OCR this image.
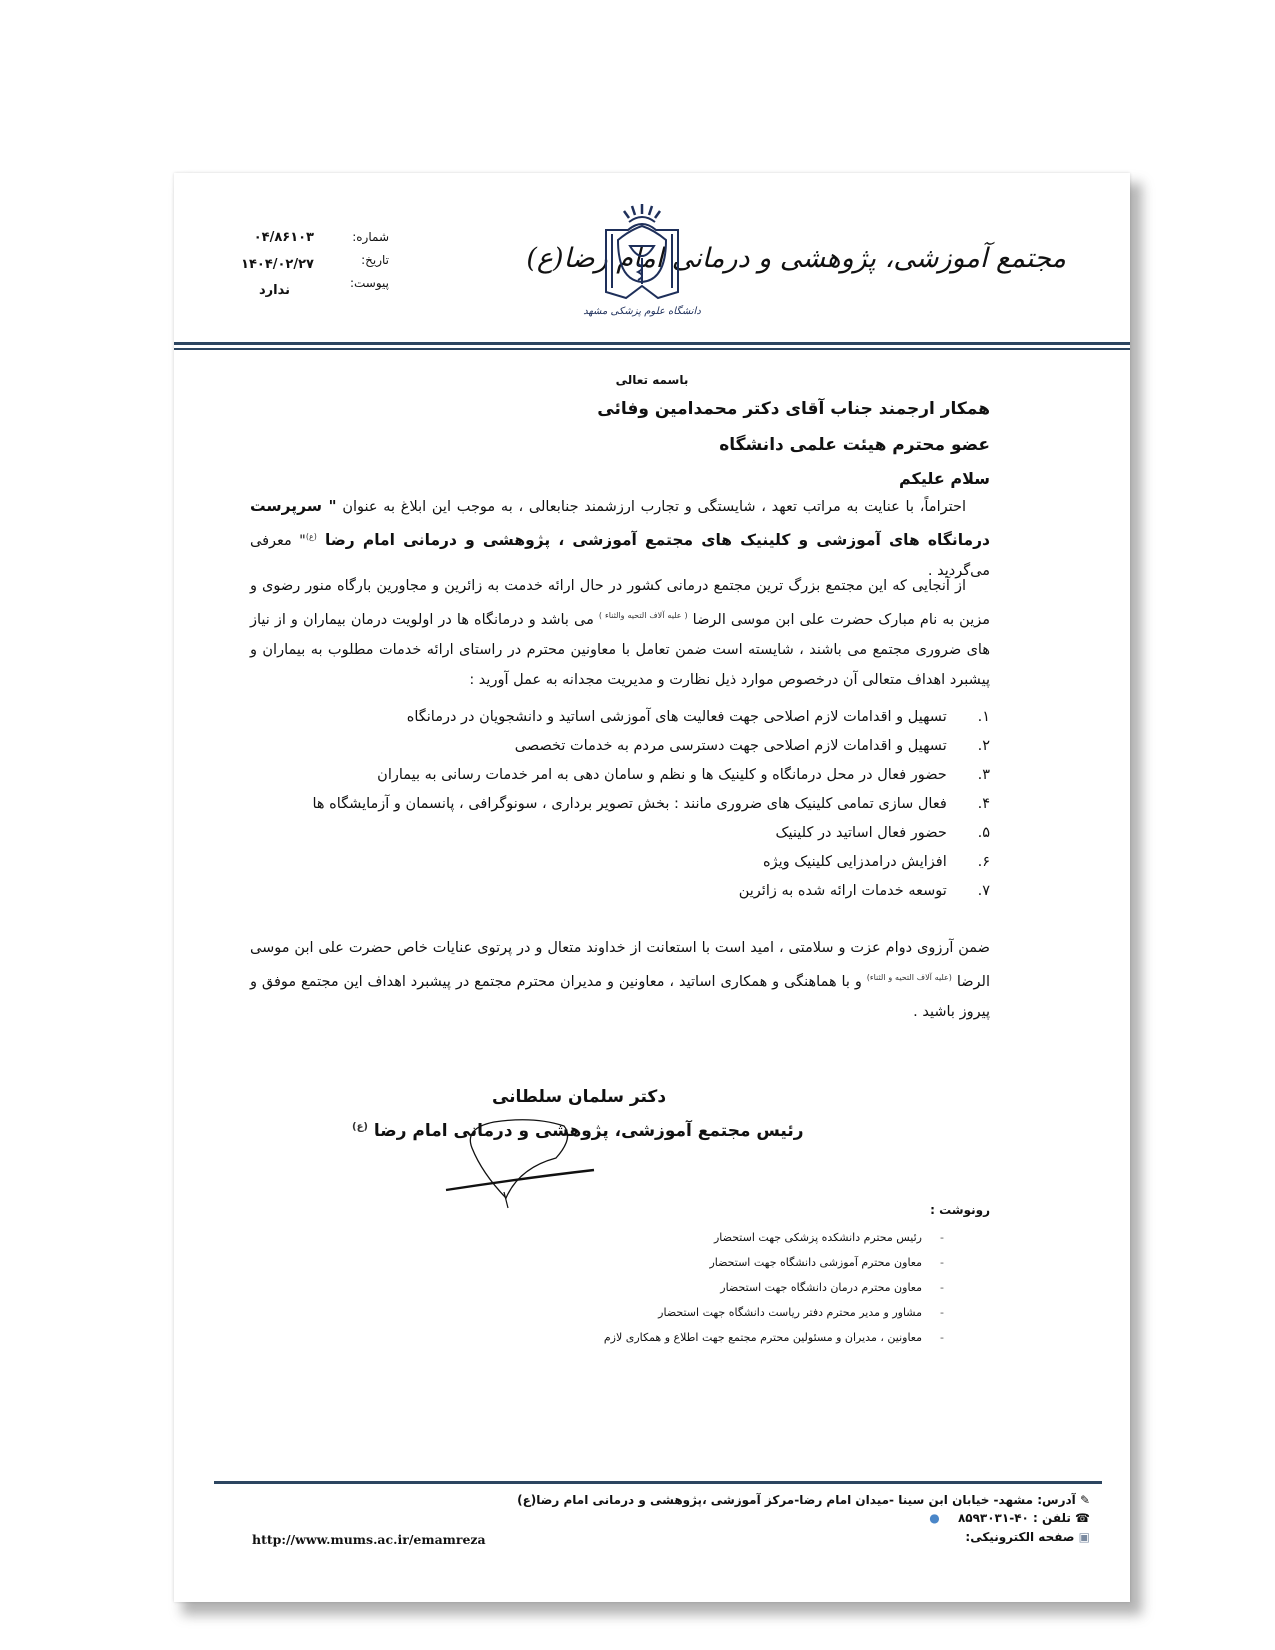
مجتمع آموزشی، پژوهشی و درمانی امام رضا(ع)
دانشگاه علوم پزشکی مشهد
شماره:
تاریخ:
پیوست:
۰۴/۸۶۱۰۳
۱۴۰۴/۰۲/۲۷
ندارد
باسمه تعالی
همکار ارجمند جناب آقای دکتر محمدامین وفائی
عضو محترم هیئت علمی دانشگاه
سلام علیکم

احتراماً، با عنایت به مراتب تعهد ، شایستگی و تجارب ارزشمند جنابعالی ، به موجب این ابلاغ به عنوان " سرپرست درمانگاه های آموزشی و کلینیک های مجتمع آموزشی ، پژوهشی و درمانی امام رضا $^{(ع)}$" معرفی می‌گردید .

از آنجایی که این مجتمع بزرگ ترین مجتمع درمانی کشور در حال ارائه خدمت به زائرین و مجاورین بارگاه منور رضوی و مزین به نام مبارک حضرت علی ابن موسی الرضا $^{( علیه آلاف التحیه والثناء )}$ می باشد و درمانگاه ها در اولویت درمان بیماران و از نیاز های ضروری مجتمع می باشند ، شایسته است ضمن تعامل با معاونین محترم در راستای ارائه خدمات مطلوب به بیماران و پیشبرد اهداف متعالی آن درخصوص موارد ذیل نظارت و مدیریت مجدانه به عمل آورید :

۱.  تسهیل و اقدامات لازم اصلاحی جهت فعالیت های آموزشی اساتید و دانشجویان در درمانگاه
۲.  تسهیل و اقدامات لازم اصلاحی جهت دسترسی مردم به خدمات تخصصی
۳.  حضور فعال در محل درمانگاه و کلینیک ها و نظم و سامان دهی به امر خدمات رسانی به بیماران
۴.  فعال سازی تمامی کلینیک های ضروری مانند : بخش تصویر برداری ، سونوگرافی ، پانسمان و آزمایشگاه ها
۵.  حضور فعال اساتید در کلینیک
۶.  افزایش درامدزایی کلینیک ویژه
۷.  توسعه خدمات ارائه شده به زائرین

ضمن آرزوی دوام عزت و سلامتی ، امید است با استعانت از خداوند متعال و در پرتوی عنایات خاص حضرت علی ابن موسی الرضا $^{(علیه آلاف التحیه و الثناء)}$ و با هماهنگی و همکاری اساتید ، معاونین و مدیران محترم مجتمع در پیشبرد اهداف این مجتمع موفق و پیروز باشید .

دکتر سلمان سلطانی
رئیس مجتمع آموزشی، پژوهشی و درمانی امام رضا $^{(ع)}$
رونوشت :
-رئیس محترم دانشکده پزشکی جهت استحضار
-معاون محترم آموزشی دانشگاه جهت استحضار
-معاون محترم درمان دانشگاه جهت استحضار
-مشاور و مدیر محترم دفتر ریاست دانشگاه جهت استحضار
-معاونین ، مدیران و مسئولین محترم مجتمع جهت اطلاع و همکاری لازم
✎ آدرس: مشهد- خیابان ابن سینا -میدان امام رضا-مرکز آموزشی ،پژوهشی و درمانی امام رضا(ع)
☎ تلفن : ۴۰-۸۵۹۳۰۳۱ ●
▣ صفحه الکترونیکی:
http://www.mums.ac.ir/emamreza
